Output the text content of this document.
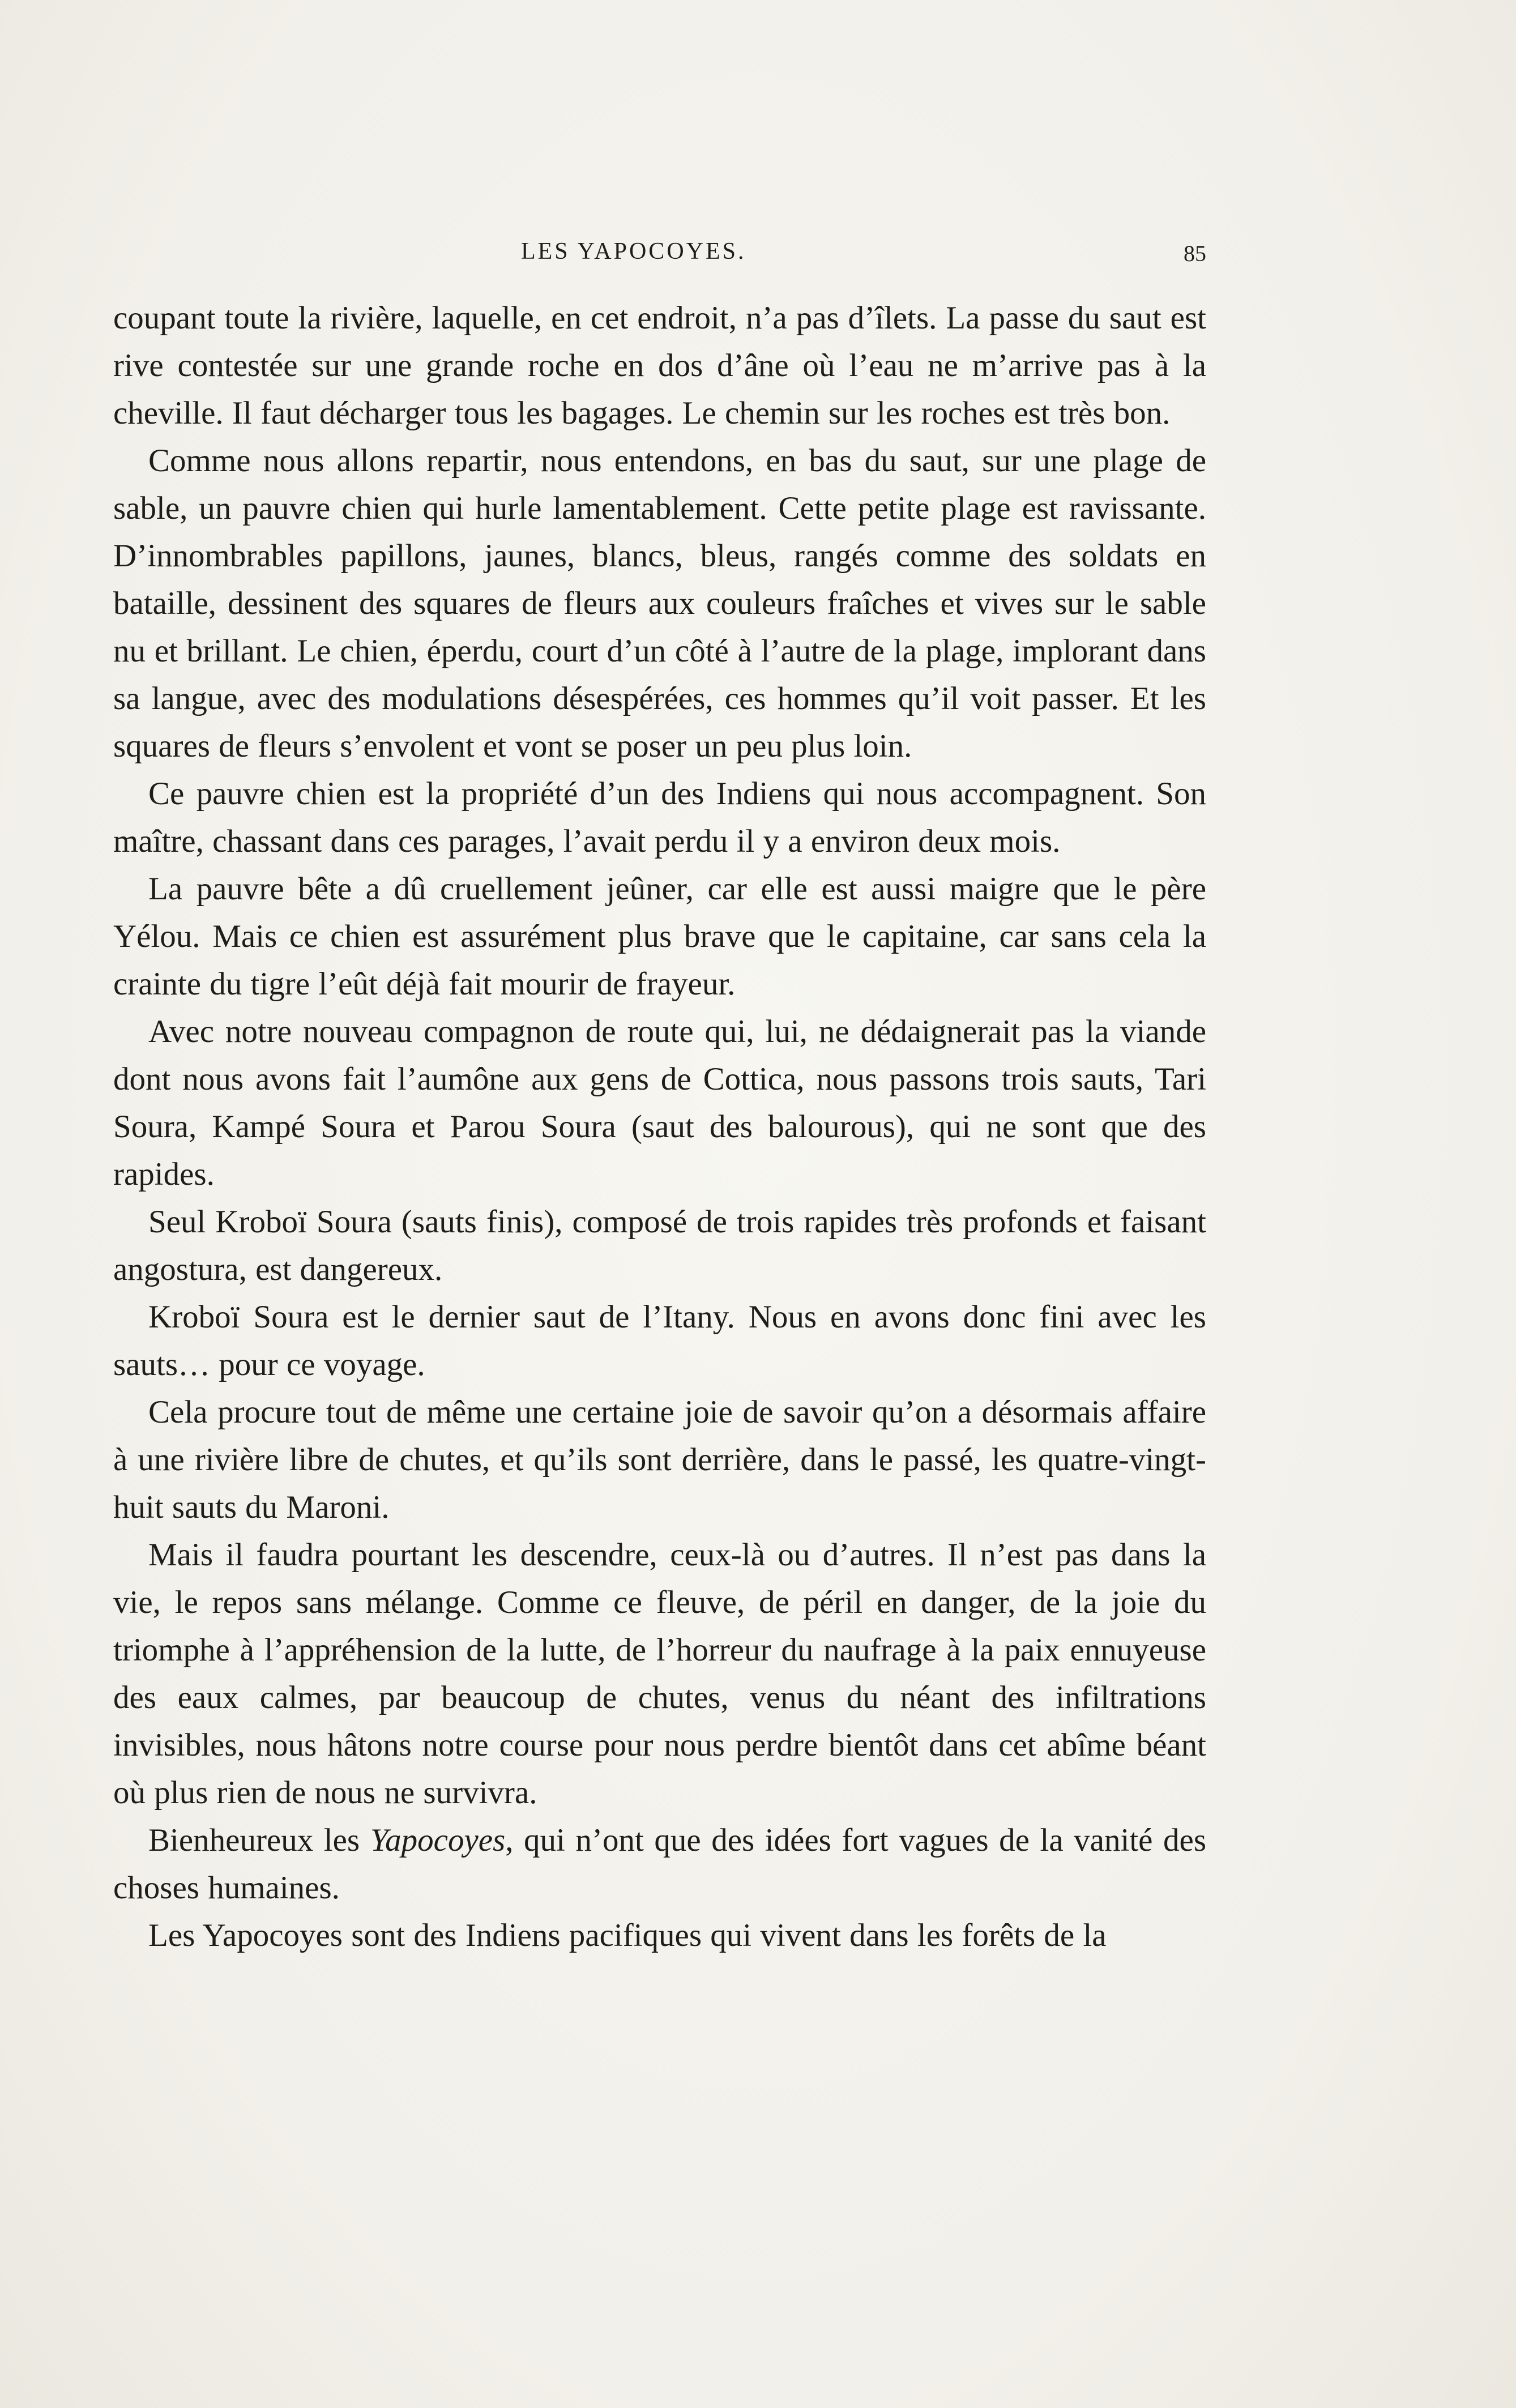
LES YAPOCOYES.	85

coupant toute la rivière, laquelle, en cet endroit, n’a pas d’îlets. La passe du saut est rive contestée sur une grande roche en dos d’âne où l’eau ne m’arrive pas à la cheville. Il faut décharger tous les bagages. Le chemin sur les roches est très bon.

Comme nous allons repartir, nous entendons, en bas du saut, sur une plage de sable, un pauvre chien qui hurle lamentablement. Cette petite plage est ravissante. D’innombrables papillons, jaunes, blancs, bleus, rangés comme des soldats en bataille, dessinent des squares de fleurs aux couleurs fraîches et vives sur le sable nu et brillant. Le chien, éperdu, court d’un côté à l’autre de la plage, implorant dans sa langue, avec des modulations désespérées, ces hommes qu’il voit passer. Et les squares de fleurs s’envolent et vont se poser un peu plus loin.

Ce pauvre chien est la propriété d’un des Indiens qui nous accompagnent. Son maître, chassant dans ces parages, l’avait perdu il y a environ deux mois.

La pauvre bête a dû cruellement jeûner, car elle est aussi maigre que le père Yélou. Mais ce chien est assurément plus brave que le capitaine, car sans cela la crainte du tigre l’eût déjà fait mourir de frayeur.

Avec notre nouveau compagnon de route qui, lui, ne dédaignerait pas la viande dont nous avons fait l’aumône aux gens de Cottica, nous passons trois sauts, Tari Soura, Kampé Soura et Parou Soura (saut des balourous), qui ne sont que des rapides.

Seul Kroboï Soura (sauts finis), composé de trois rapides très profonds et faisant angostura, est dangereux.

Kroboï Soura est le dernier saut de l’Itany. Nous en avons donc fini avec les sauts… pour ce voyage.

Cela procure tout de même une certaine joie de savoir qu’on a désormais affaire à une rivière libre de chutes, et qu’ils sont derrière, dans le passé, les quatre-vingt-huit sauts du Maroni.

Mais il faudra pourtant les descendre, ceux-là ou d’autres. Il n’est pas dans la vie, le repos sans mélange. Comme ce fleuve, de péril en danger, de la joie du triomphe à l’appréhension de la lutte, de l’horreur du naufrage à la paix ennuyeuse des eaux calmes, par beaucoup de chutes, venus du néant des infiltrations invisibles, nous hâtons notre course pour nous perdre bientôt dans cet abîme béant où plus rien de nous ne survivra.

Bienheureux les Yapocoyes, qui n’ont que des idées fort vagues de la vanité des choses humaines.

Les Yapocoyes sont des Indiens pacifiques qui vivent dans les forêts de la
